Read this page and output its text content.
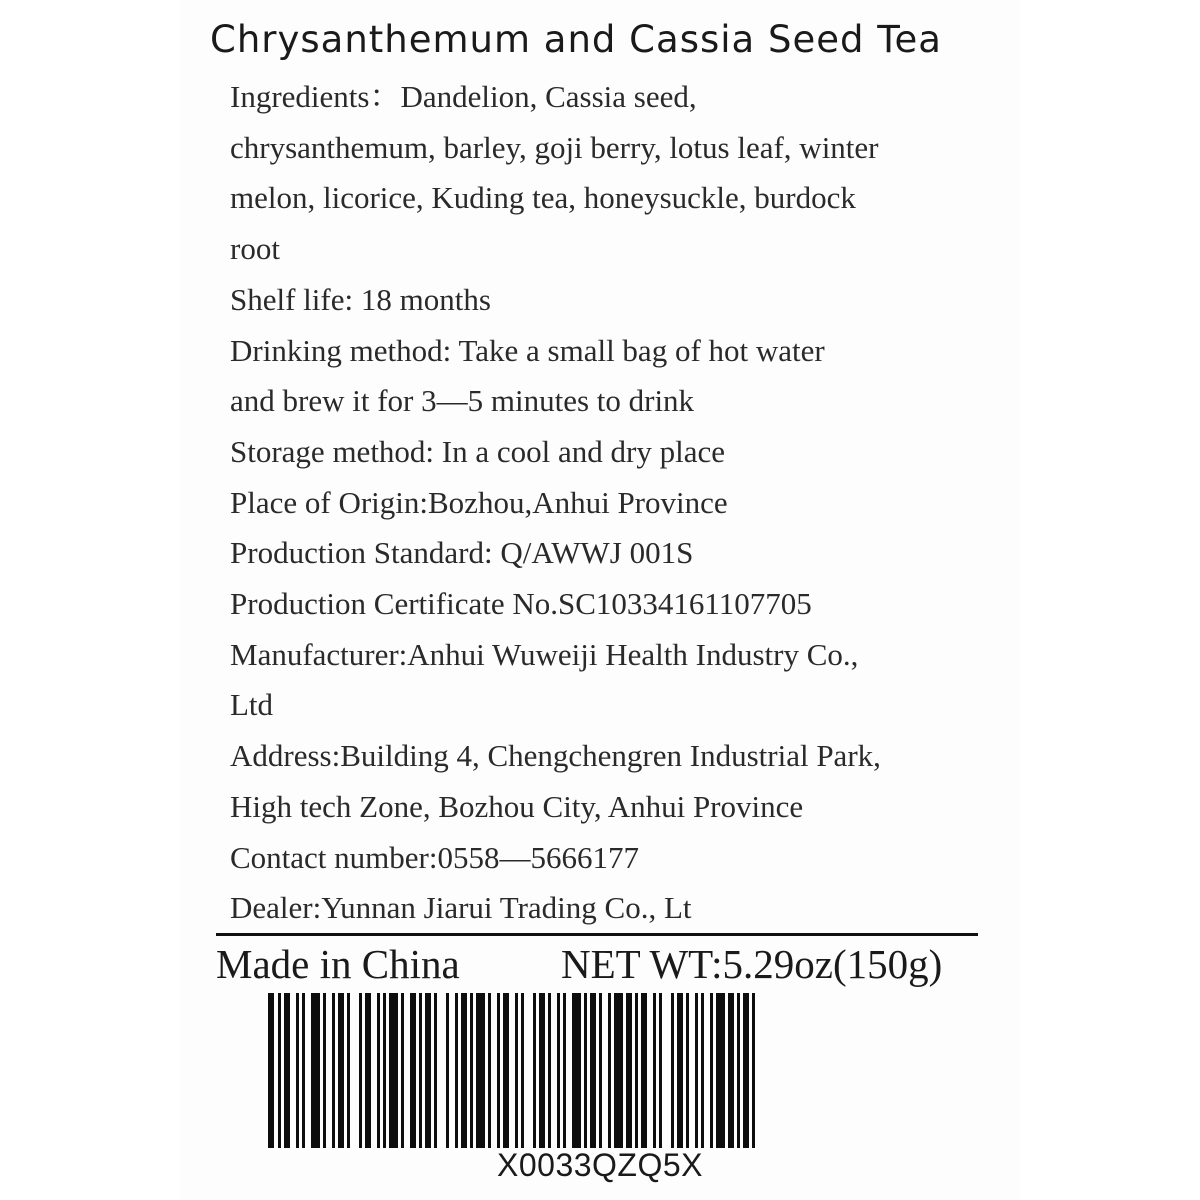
Chrysanthemum and Cassia Seed Tea
Ingredients：Dandelion, Cassia seed,
chrysanthemum, barley, goji berry, lotus leaf, winter
melon, licorice, Kuding tea, honeysuckle, burdock
root
Shelf life: 18 months
Drinking method: Take a small bag of hot water
and brew it for 3—5 minutes to drink
Storage method: In a cool and dry place
Place of Origin:Bozhou,Anhui Province
Production Standard: Q/AWWJ 001S
Production Certificate No.SC10334161107705
Manufacturer:Anhui Wuweiji Health Industry Co.,
Ltd
Address:Building 4, Chengchengren Industrial Park,
High tech Zone, Bozhou City, Anhui Province
Contact number:0558—5666177
Dealer:Yunnan Jiarui Trading Co., Lt
Made in China NET WT:5.29oz(150g)
X0033QZQ5X
